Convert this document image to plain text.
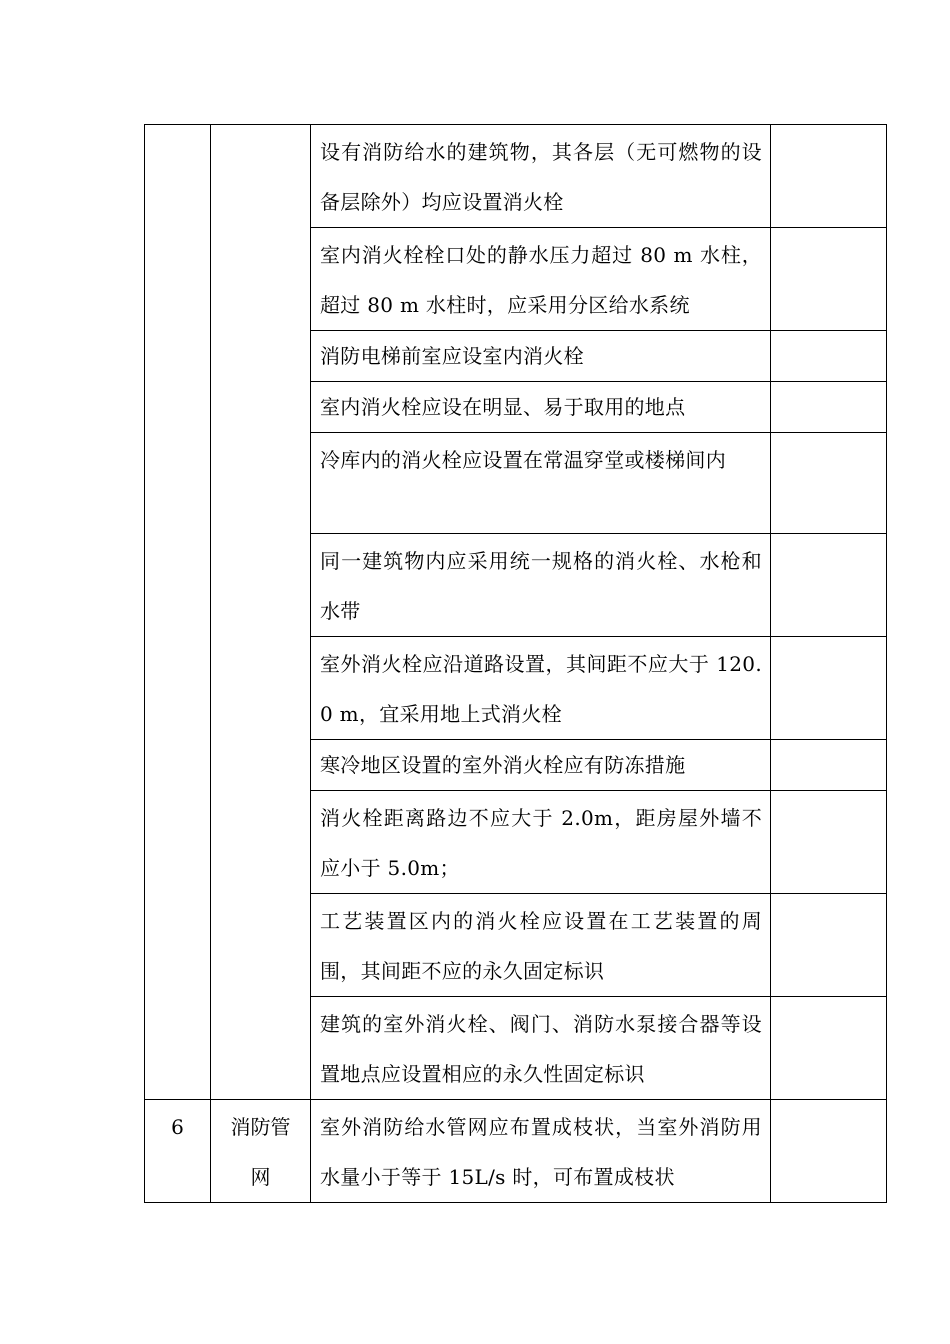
		设有消防给水的建筑物，其各层（无可燃物的设备层除外）均应设置消火栓	

		室内消火栓栓口处的静水压力超过 80 m 水柱，超过 80 m 水柱时，应采用分区给水系统	

		消防电梯前室应设室内消火栓	

		室内消火栓应设在明显、易于取用的地点	

		冷库内的消火栓应设置在常温穿堂或楼梯间内	

		同一建筑物内应采用统一规格的消火栓、水枪和水带	

		室外消火栓应沿道路设置，其间距不应大于 120.0 m，宜采用地上式消火栓	

		寒冷地区设置的室外消火栓应有防冻措施	

		消火栓距离路边不应大于 2.0m，距房屋外墙不应小于 5.0m；	

		工艺装置区内的消火栓应设置在工艺装置的周围，其间距不应的永久固定标识	

		建筑的室外消火栓、阀门、消防水泵接合器等设置地点应设置相应的永久性固定标识	

6	消防管网	室外消防给水管网应布置成枝状，当室外消防用水量小于等于 15L/s 时，可布置成枝状	
